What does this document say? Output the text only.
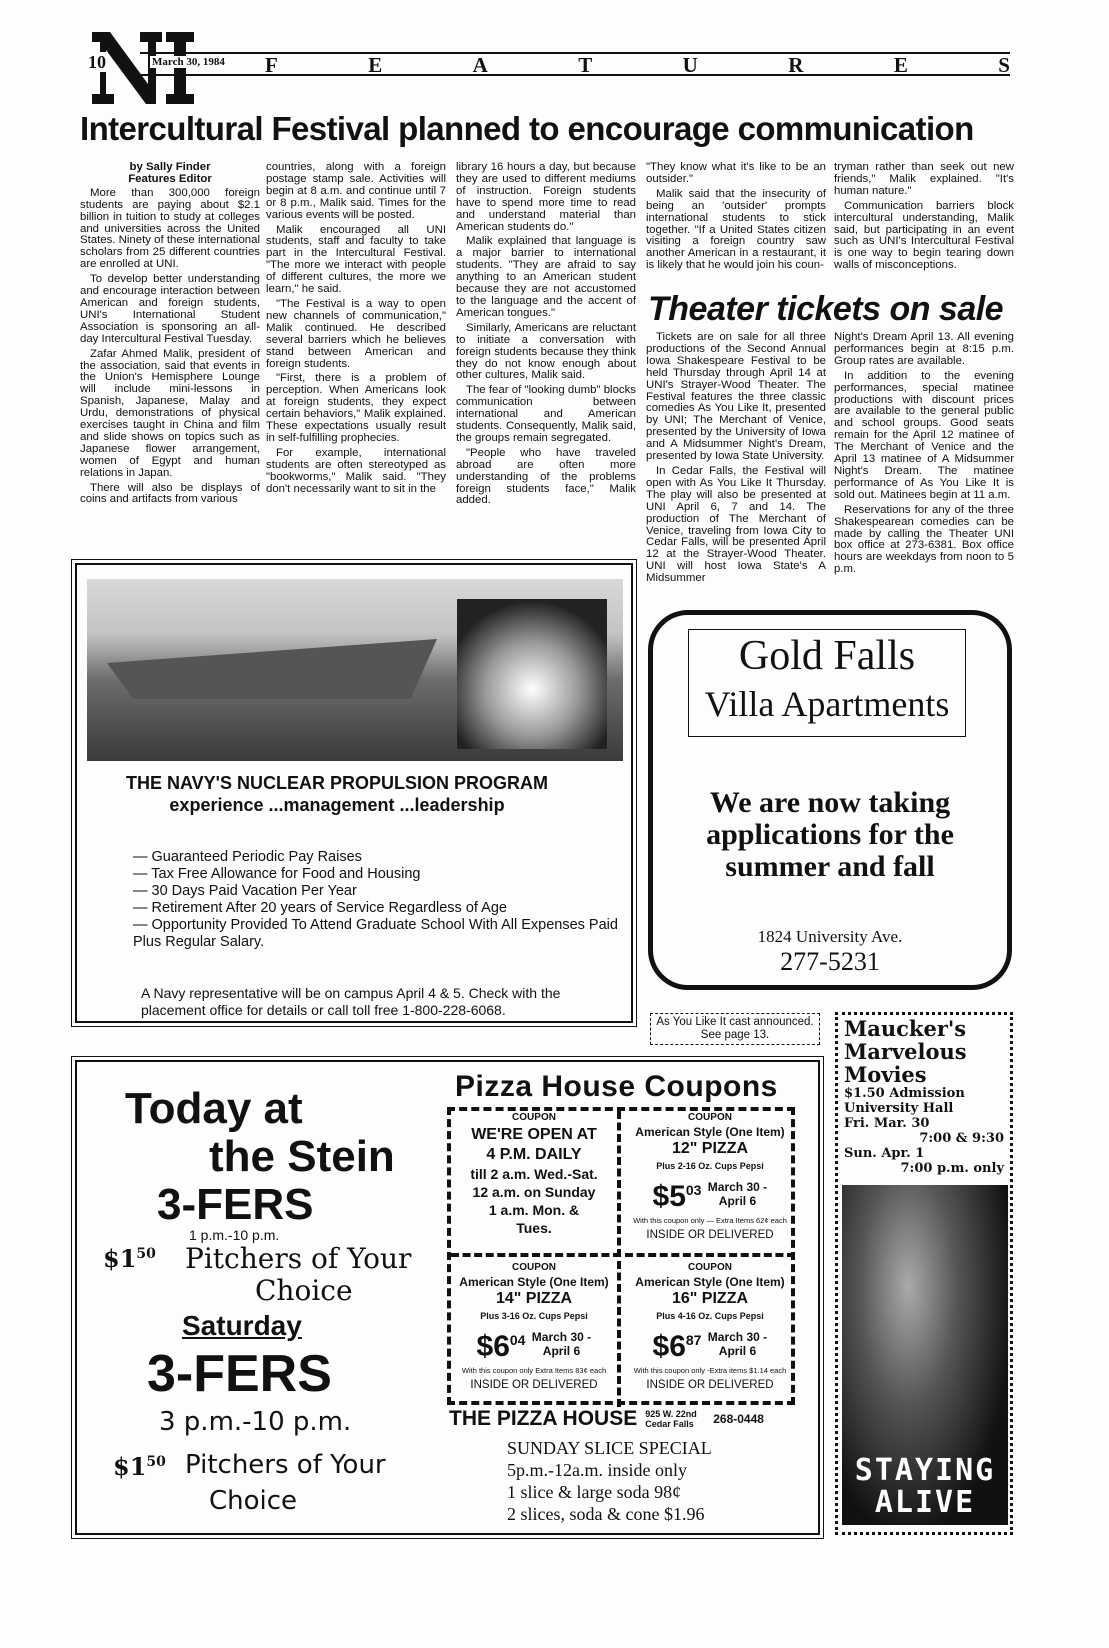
10	March 30, 1984 F	E	A	T	U	R	E	S
Intercultural Festival planned to encourage communication
by Sally Finder
Features Editor

More than 300,000 foreign students are paying about $2.1 billion in tuition to study at colleges and universities across the United States. Ninety of these international scholars from 25 different countries are enrolled at UNI.

To develop better understanding and encourage interaction between American and foreign students, UNI's International Student Association is sponsoring an all-day Intercultural Festival Tuesday.

Zafar Ahmed Malik, president of the association, said that events in the Union's Hemisphere Lounge will include mini-lessons in Spanish, Japanese, Malay and Urdu, demonstrations of physical exercises taught in China and film and slide shows on topics such as Japanese flower arrangement, women of Egypt and human relations in Japan.

There will also be displays of coins and artifacts from various

countries, along with a foreign postage stamp sale. Activities will begin at 8 a.m. and continue until 7 or 8 p.m., Malik said. Times for the various events will be posted.

Malik encouraged all UNI students, staff and faculty to take part in the Intercultural Festival. "The more we interact with people of different cultures, the more we learn," he said.

"The Festival is a way to open new channels of communication," Malik continued. He described several barriers which he believes stand between American and foreign students.

"First, there is a problem of perception. When Americans look at foreign students, they expect certain behaviors," Malik explained. These expectations usually result in self-fulfilling prophecies.

For example, international students are often stereotyped as "bookworms," Malik said. "They don't necessarily want to sit in the

library 16 hours a day, but because they are used to different mediums of instruction. Foreign students have to spend more time to read and understand material than American students do."

Malik explained that language is a major barrier to international students. "They are afraid to say anything to an American student because they are not accustomed to the language and the accent of American tongues."

Similarly, Americans are reluctant to initiate a conversation with foreign students because they think they do not know enough about other cultures, Malik said.

The fear of "looking dumb" blocks communication between international and American students. Consequently, Malik said, the groups remain segregated.

"People who have traveled abroad are often more understanding of the problems foreign students face," Malik added.

"They know what it's like to be an outsider."

Malik said that the insecurity of being an 'outsider' prompts international students to stick together. "If a United States citizen visiting a foreign country saw another American in a restaurant, it is likely that he would join his coun-

tryman rather than seek out new friends," Malik explained. "It's human nature."

Communication barriers block intercultural understanding, Malik said, but participating in an event such as UNI's Intercultural Festival is one way to begin tearing down walls of misconceptions.

Theater tickets on sale

Tickets are on sale for all three productions of the Second Annual Iowa Shakespeare Festival to be held Thursday through April 14 at UNI's Strayer-Wood Theater. The Festival features the three classic comedies As You Like It, presented by UNI; The Merchant of Venice, presented by the University of Iowa and A Midsummer Night's Dream, presented by Iowa State University.

In Cedar Falls, the Festival will open with As You Like It Thursday. The play will also be presented at UNI April 6, 7 and 14. The production of The Merchant of Venice, traveling from Iowa City to Cedar Falls, will be presented April 12 at the Strayer-Wood Theater. UNI will host Iowa State's A Midsummer

Night's Dream April 13. All evening performances begin at 8:15 p.m. Group rates are available.

In addition to the evening performances, special matinee productions with discount prices are available to the general public and school groups. Good seats remain for the April 12 matinee of The Merchant of Venice and the April 13 matinee of A Midsummer Night's Dream. The matinee performance of As You Like It is sold out. Matinees begin at 11 a.m.

Reservations for any of the three Shakespearean comedies can be made by calling the Theater UNI box office at 273-6381. Box office hours are weekdays from noon to 5 p.m.

THE NAVY'S NUCLEAR PROPULSION PROGRAM
experience ...management ...leadership
— Guaranteed Periodic Pay Raises
— Tax Free Allowance for Food and Housing
— 30 Days Paid Vacation Per Year
— Retirement After 20 years of Service Regardless of Age
— Opportunity Provided To Attend Graduate School With All Expenses Paid
Plus Regular Salary.
A Navy representative will be on campus April 4 & 5. Check with the placement office for details or call toll free 1-800-228-6068.
Gold Falls
Villa Apartments
We are now taking applications for the summer and fall
1824 University Ave.
277-5231
As You Like It cast announced. See page 13.
Today at
the Stein
3-FERS
1 p.m.-10 p.m.
$\$1^{50}$ Pitchers of Your
Choice
Saturday
3-FERS
3 p.m.-10 p.m.
$\$1^{50}$ Pitchers of Your
Choice
Pizza House Coupons
COUPON
WE'RE OPEN AT
4 P.M. DAILY
till 2 a.m. Wed.-Sat.
12 a.m. on Sunday
1 a.m. Mon. &
Tues.
COUPON
American Style (One Item)
12" PIZZA
Plus 2-16 Oz. Cups Pepsi
$\$5^{03}$ March 30 - April 6
With this coupon only — Extra Items 62¢ each
INSIDE OR DELIVERED
COUPON
American Style (One Item)
14" PIZZA
Plus 3-16 Oz. Cups Pepsi
$\$6^{04}$ March 30 - April 6
With this coupon only Extra Items 83¢ each
INSIDE OR DELIVERED
COUPON
American Style (One Item)
16" PIZZA
Plus 4-16 Oz. Cups Pepsi
$\$6^{87}$ March 30 - April 6
With this coupon only -Extra items $1.14 each
INSIDE OR DELIVERED
THE PIZZA HOUSE 925 W. 22nd Cedar Falls	268-0448
SUNDAY SLICE SPECIAL
5p.m.-12a.m. inside only
1 slice & large soda 98¢
2 slices, soda & cone $1.96
Maucker's
Marvelous
Movies
$1.50 Admission
University Hall
Fri. Mar. 30
7:00 & 9:30
Sun. Apr. 1
7:00 p.m. only
STAYING
ALIVE
